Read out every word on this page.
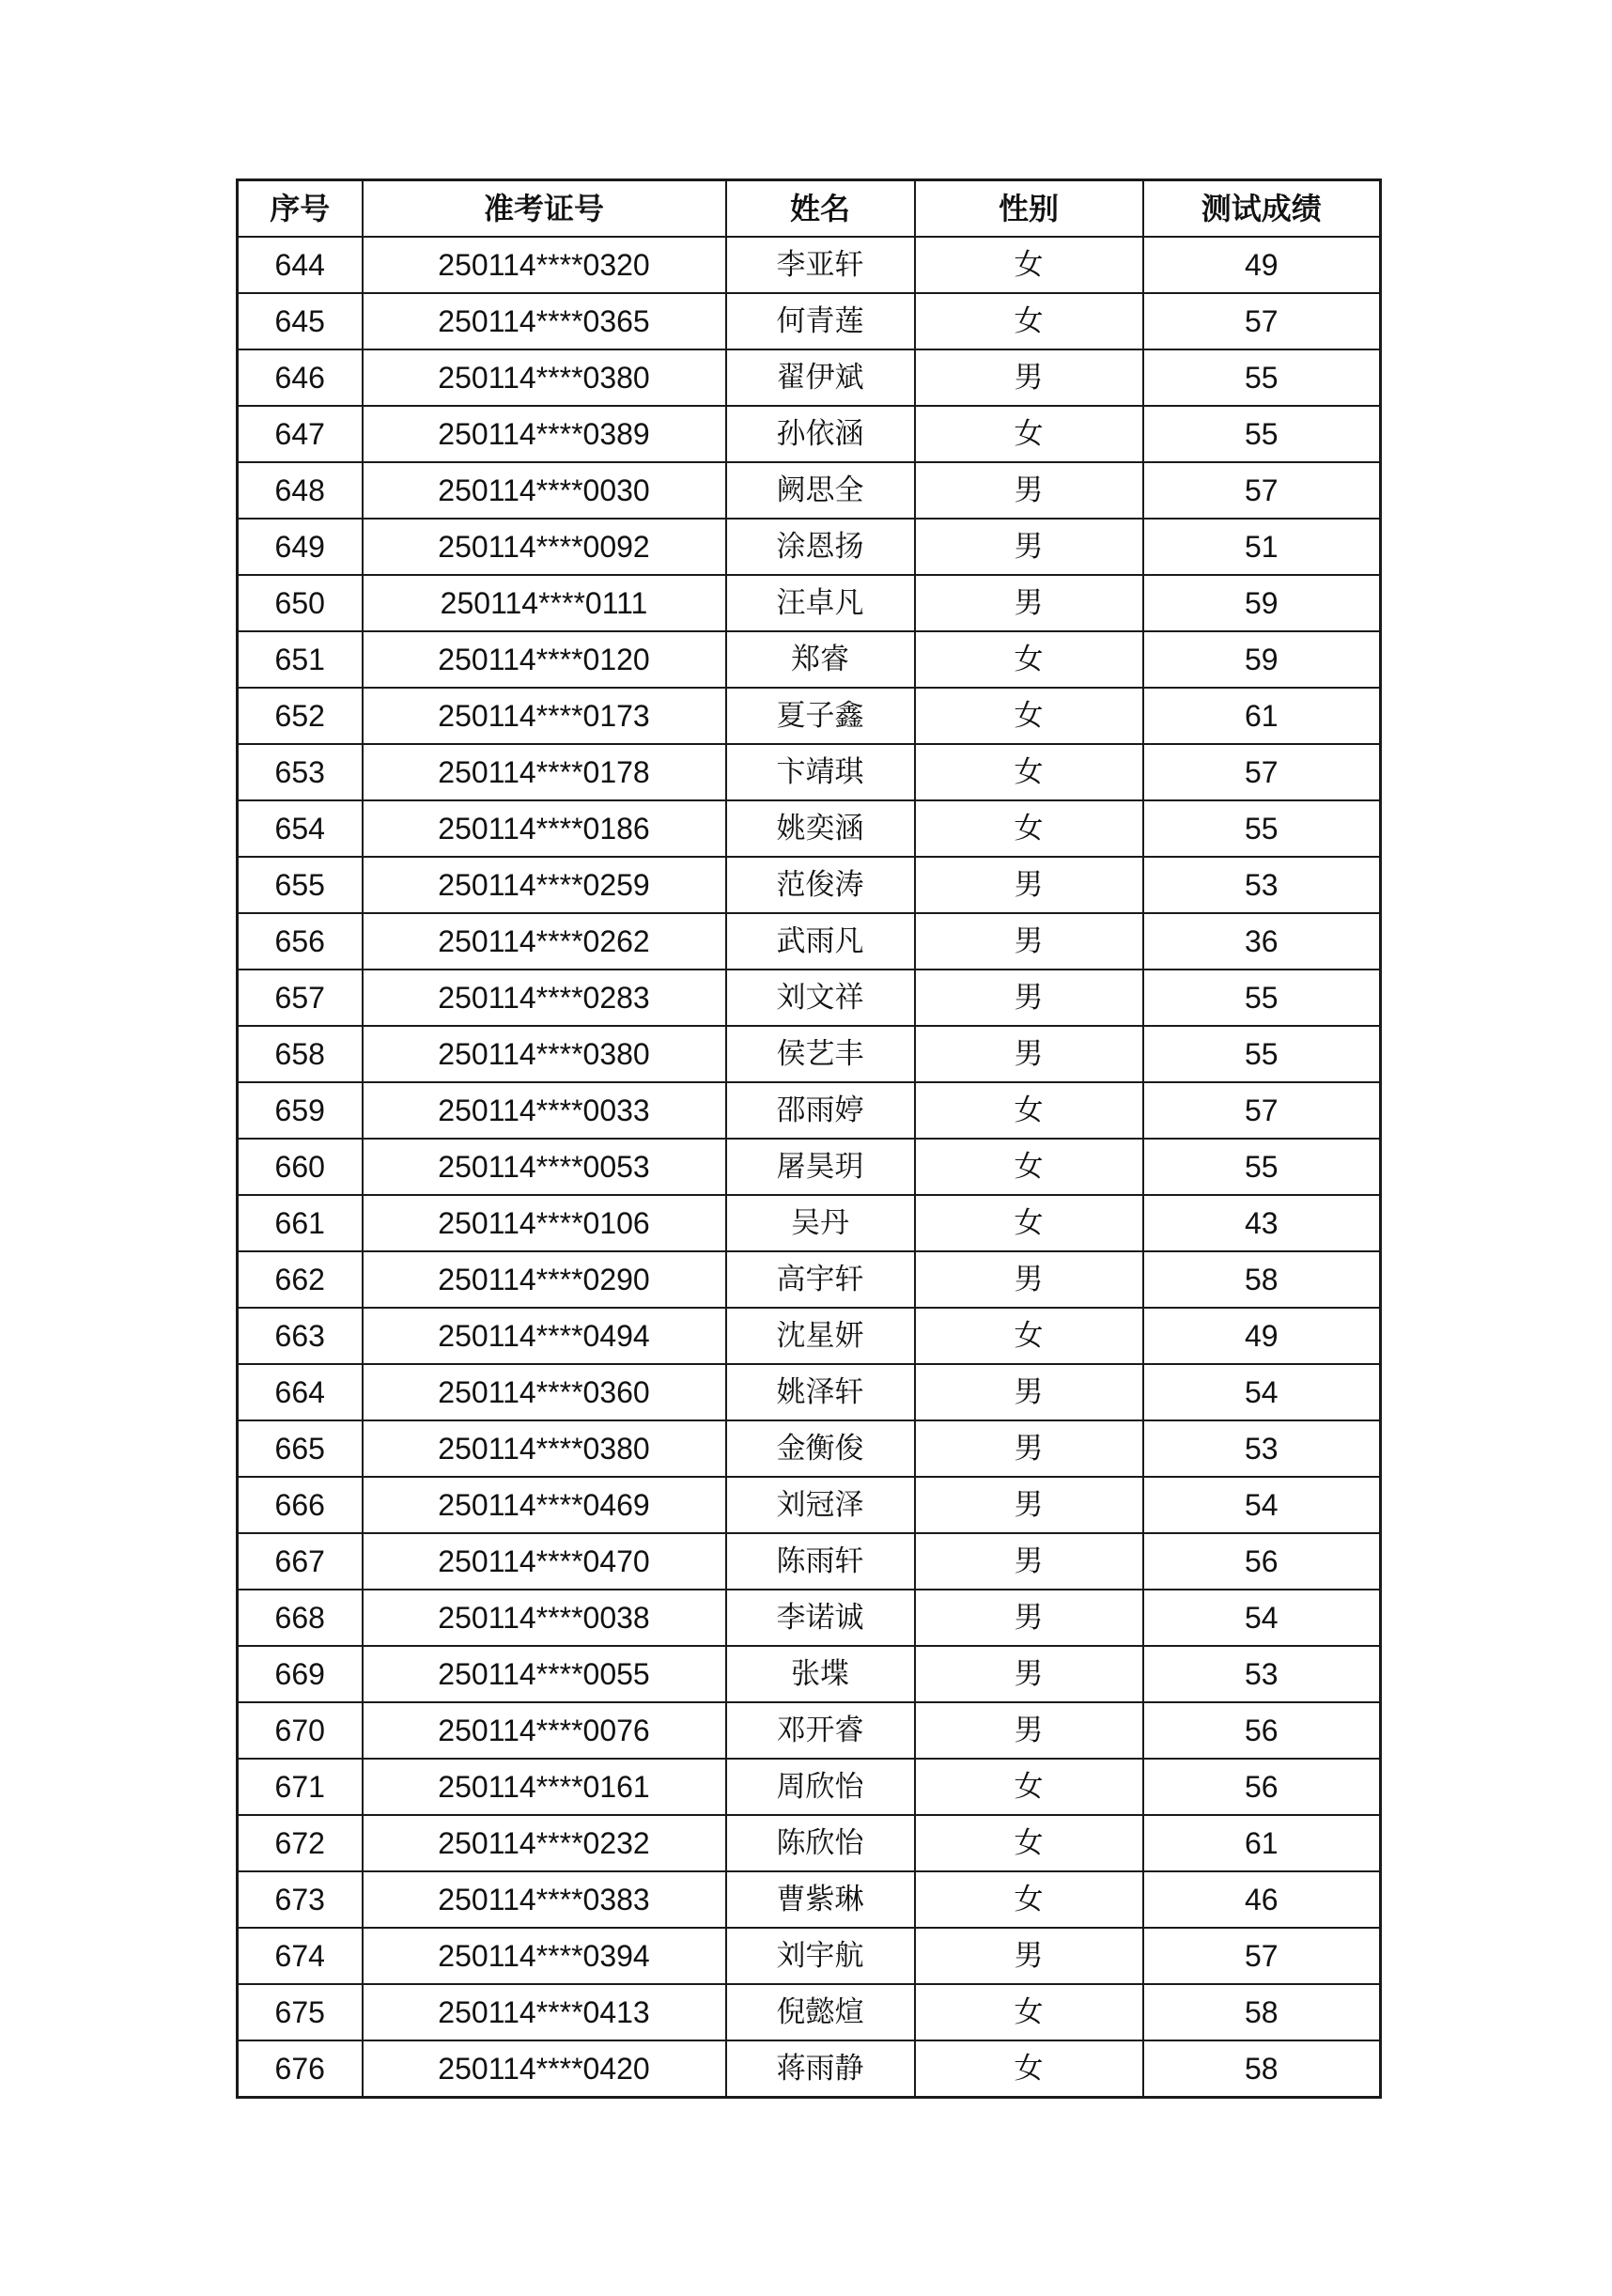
序号	准考证号	姓名	性别	测试成绩
644	250114****0320	李亚轩	女	49
645	250114****0365	何青莲	女	57
646	250114****0380	翟伊斌	男	55
647	250114****0389	孙依涵	女	55
648	250114****0030	阙思全	男	57
649	250114****0092	涂恩扬	男	51
650	250114****0111	汪卓凡	男	59
651	250114****0120	郑睿	女	59
652	250114****0173	夏子鑫	女	61
653	250114****0178	卞靖琪	女	57
654	250114****0186	姚奕涵	女	55
655	250114****0259	范俊涛	男	53
656	250114****0262	武雨凡	男	36
657	250114****0283	刘文祥	男	55
658	250114****0380	侯艺丰	男	55
659	250114****0033	邵雨婷	女	57
660	250114****0053	屠昊玥	女	55
661	250114****0106	吴丹	女	43
662	250114****0290	高宇轩	男	58
663	250114****0494	沈星妍	女	49
664	250114****0360	姚泽轩	男	54
665	250114****0380	金衡俊	男	53
666	250114****0469	刘冠泽	男	54
667	250114****0470	陈雨轩	男	56
668	250114****0038	李诺诚	男	54
669	250114****0055	张堞	男	53
670	250114****0076	邓开睿	男	56
671	250114****0161	周欣怡	女	56
672	250114****0232	陈欣怡	女	61
673	250114****0383	曹紫琳	女	46
674	250114****0394	刘宇航	男	57
675	250114****0413	倪懿煊	女	58
676	250114****0420	蒋雨静	女	58
